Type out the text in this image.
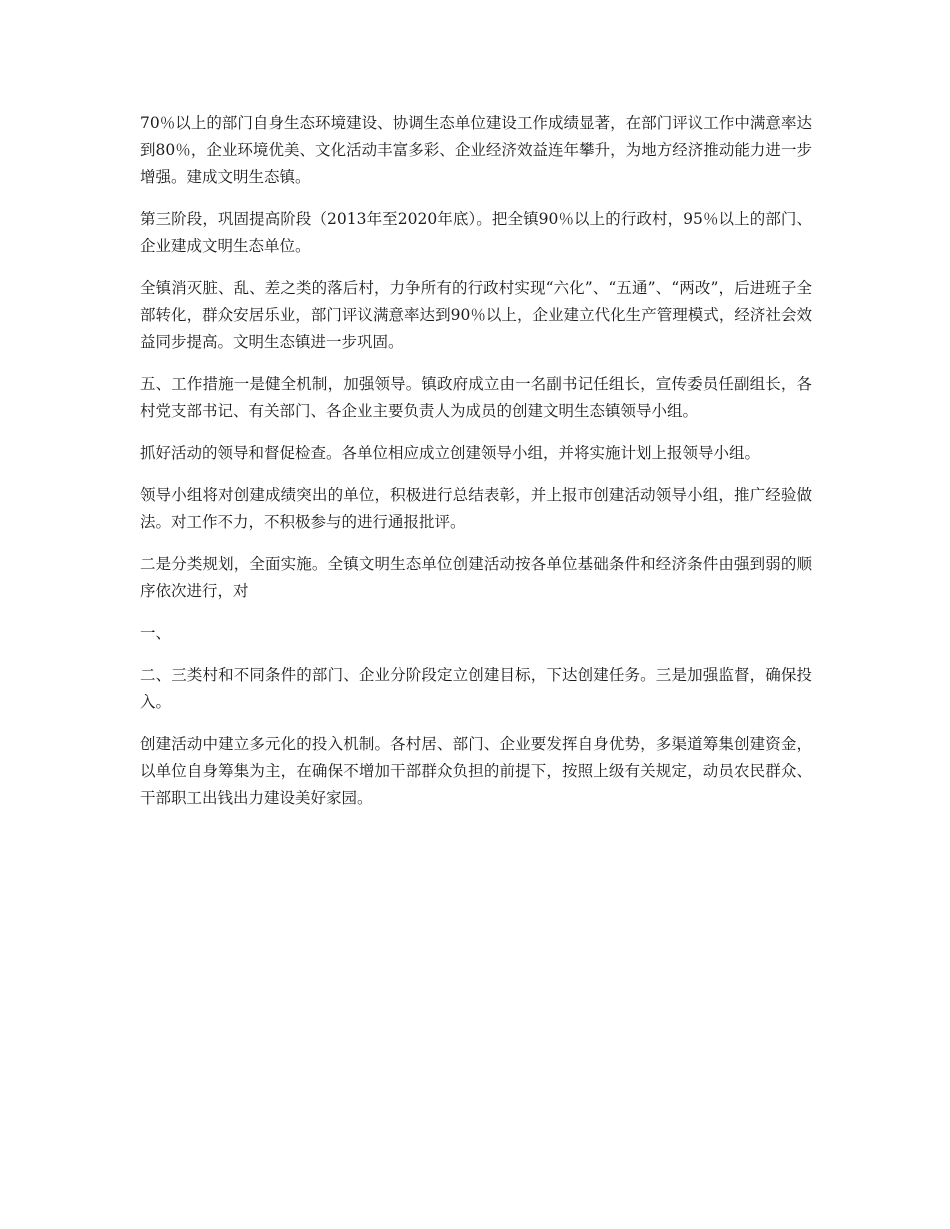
70％以上的部门自身生态环境建设、协调生态单位建设工作成绩显著，在部门评议工作中满意率达到80％，企业环境优美、文化活动丰富多彩、企业经济效益连年攀升，为地方经济推动能力进一步增强。建成文明生态镇。

第三阶段，巩固提高阶段（2013年至2020年底）。把全镇90％以上的行政村，95％以上的部门、企业建成文明生态单位。

全镇消灭脏、乱、差之类的落后村，力争所有的行政村实现“六化”、“五通”、“两改”，后进班子全部转化，群众安居乐业，部门评议满意率达到90％以上，企业建立代化生产管理模式，经济社会效益同步提高。文明生态镇进一步巩固。

五、工作措施一是健全机制，加强领导。镇政府成立由一名副书记任组长，宣传委员任副组长，各村党支部书记、有关部门、各企业主要负责人为成员的创建文明生态镇领导小组。

抓好活动的领导和督促检查。各单位相应成立创建领导小组，并将实施计划上报领导小组。

领导小组将对创建成绩突出的单位，积极进行总结表彰，并上报市创建活动领导小组，推广经验做法。对工作不力，不积极参与的进行通报批评。

二是分类规划，全面实施。全镇文明生态单位创建活动按各单位基础条件和经济条件由强到弱的顺序依次进行，对

一、

二、三类村和不同条件的部门、企业分阶段定立创建目标，下达创建任务。三是加强监督，确保投入。

创建活动中建立多元化的投入机制。各村居、部门、企业要发挥自身优势，多渠道筹集创建资金，以单位自身筹集为主，在确保不增加干部群众负担的前提下，按照上级有关规定，动员农民群众、干部职工出钱出力建设美好家园。
